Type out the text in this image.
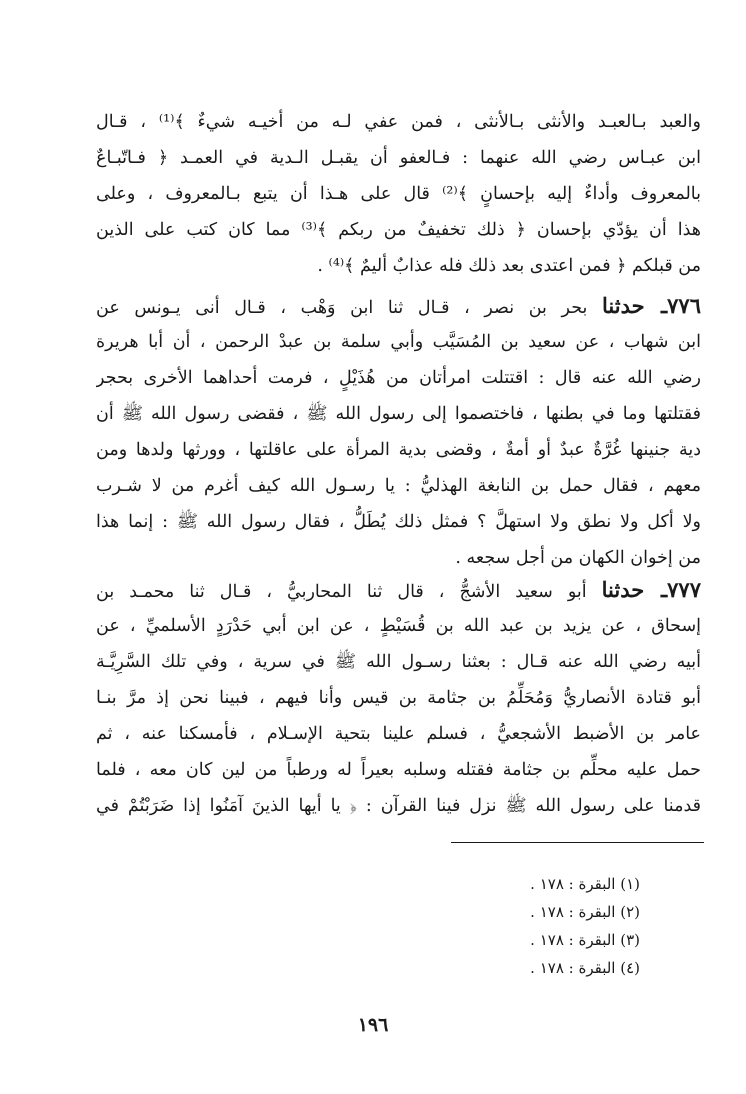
والعبد بـالعبـد والأنثى بـالأنثى ، فمن عفي لـه من أخيـه شيءٌ ﴾⁽¹⁾ ، قـال
ابن عبـاس رضي الله عنهما : فـالعفو أن يقبـل الـدية في العمـد ﴿ فـاتّبـاعٌ
بالمعروف وأداءٌ إليه بإحسانٍ ﴾⁽²⁾ قال على هـذا أن يتبع بـالمعروف ، وعلى
هذا أن يؤدّي بإحسان ﴿ ذلك تخفيفٌ من ربكم ﴾⁽³⁾ مما كان كتب على الذين
من قبلكم ﴿ فمن اعتدى بعد ذلك فله عذابٌ أليمٌ ﴾⁽⁴⁾ .
٧٧٦ـ حدثنا بحر بن نصر ، قـال ثنا ابن وَهْب ، قـال أنى يـونس عن
ابن شهاب ، عن سعيد بن المُسَيَّب وأبي سلمة بن عبدْ الرحمن ، أن أبا هريرة
رضي الله عنه قال : اقتتلت امرأتان من هُذَيْلٍ ، فرمت أحداهما الأخرى بحجر
فقتلتها وما في بطنها ، فاختصموا إلى رسول الله ﷺ ، فقضى رسول الله ﷺ أن
دية جنينها غُرَّةٌ عبدٌ أو أمةٌ ، وقضى بدية المرأة على عاقلتها ، وورثها ولدها ومن
معهم ، فقال حمل بن النابغة الهذليُّ : يا رسـول الله كيف أغرم من لا شـرب
ولا أكل ولا نطق ولا استهلَّ ؟ فمثل ذلك يُطَلُّ ، فقال رسول الله ﷺ : إنما هذا
من إخوان الكهان من أجل سجعه .
٧٧٧ـ حدثنا أبو سعيد الأشجُّ ، قال ثنا المحاربيُّ ، قـال ثنا محمـد بن
إسحاق ، عن يزيد بن عبد الله بن قُسَيْطٍ ، عن ابن أبي حَدْرَدٍ الأسلميِّ ، عن
أبيه رضي الله عنه قـال : بعثنا رسـول الله ﷺ في سرية ، وفي تلك السَّرِيَّـة
أبو قتادة الأنصاريُّ وَمُحَلِّمُ بن جثامة بن قيس وأنا فيهم ، فبينا نحن إذ مرَّ بنـا
عامر بن الأضبط الأشجعيُّ ، فسلم علينا بتحية الإسـلام ، فأمسكنا عنه ، ثم
حمل عليه محلِّم بن جثامة فقتله وسلبه بعيراً له ورطباً من لين كان معه ، فلما
قدمنا على رسول الله ﷺ نزل فينا القرآن : ﴿ يا أيها الذينَ آمَنُوا إذا ضَرَبْتُمْ في
(١) البقرة : ١٧٨ .
(٢) البقرة : ١٧٨ .
(٣) البقرة : ١٧٨ .
(٤) البقرة : ١٧٨ .
١٩٦
